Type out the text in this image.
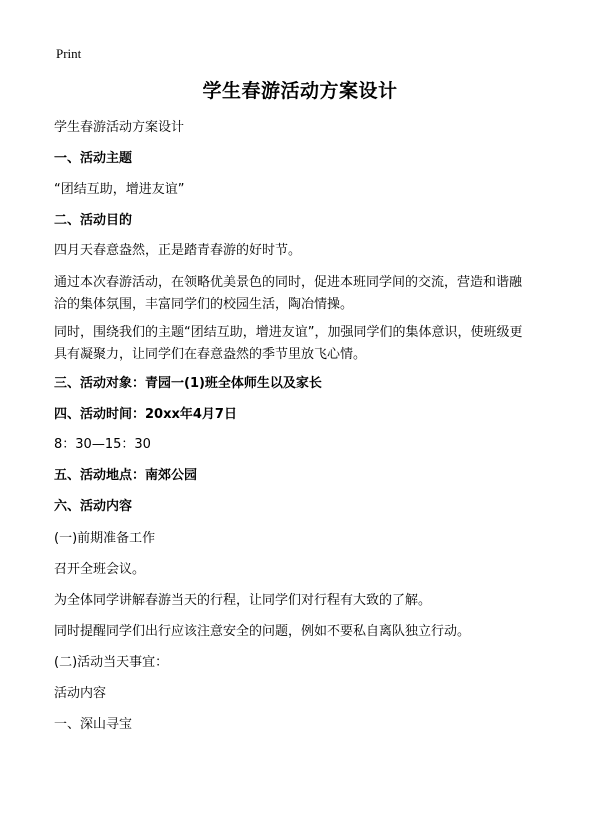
Print
学生春游活动方案设计
学生春游活动方案设计
一、活动主题
“团结互助，增进友谊”
二、活动目的
四月天春意盎然，正是踏青春游的好时节。
通过本次春游活动，在领略优美景色的同时，促进本班同学间的交流，营造和谐融
洽的集体氛围，丰富同学们的校园生活，陶冶情操。
同时，围绕我们的主题“团结互助，增进友谊”，加强同学们的集体意识，使班级更
具有凝聚力，让同学们在春意盎然的季节里放飞心情。
三、活动对象：青园一(1)班全体师生以及家长
四、活动时间：20xx年4月7日
8：30—15：30
五、活动地点：南郊公园
六、活动内容
(一)前期准备工作
召开全班会议。
为全体同学讲解春游当天的行程，让同学们对行程有大致的了解。
同时提醒同学们出行应该注意安全的问题，例如不要私自离队独立行动。
(二)活动当天事宜：
活动内容
一、深山寻宝
